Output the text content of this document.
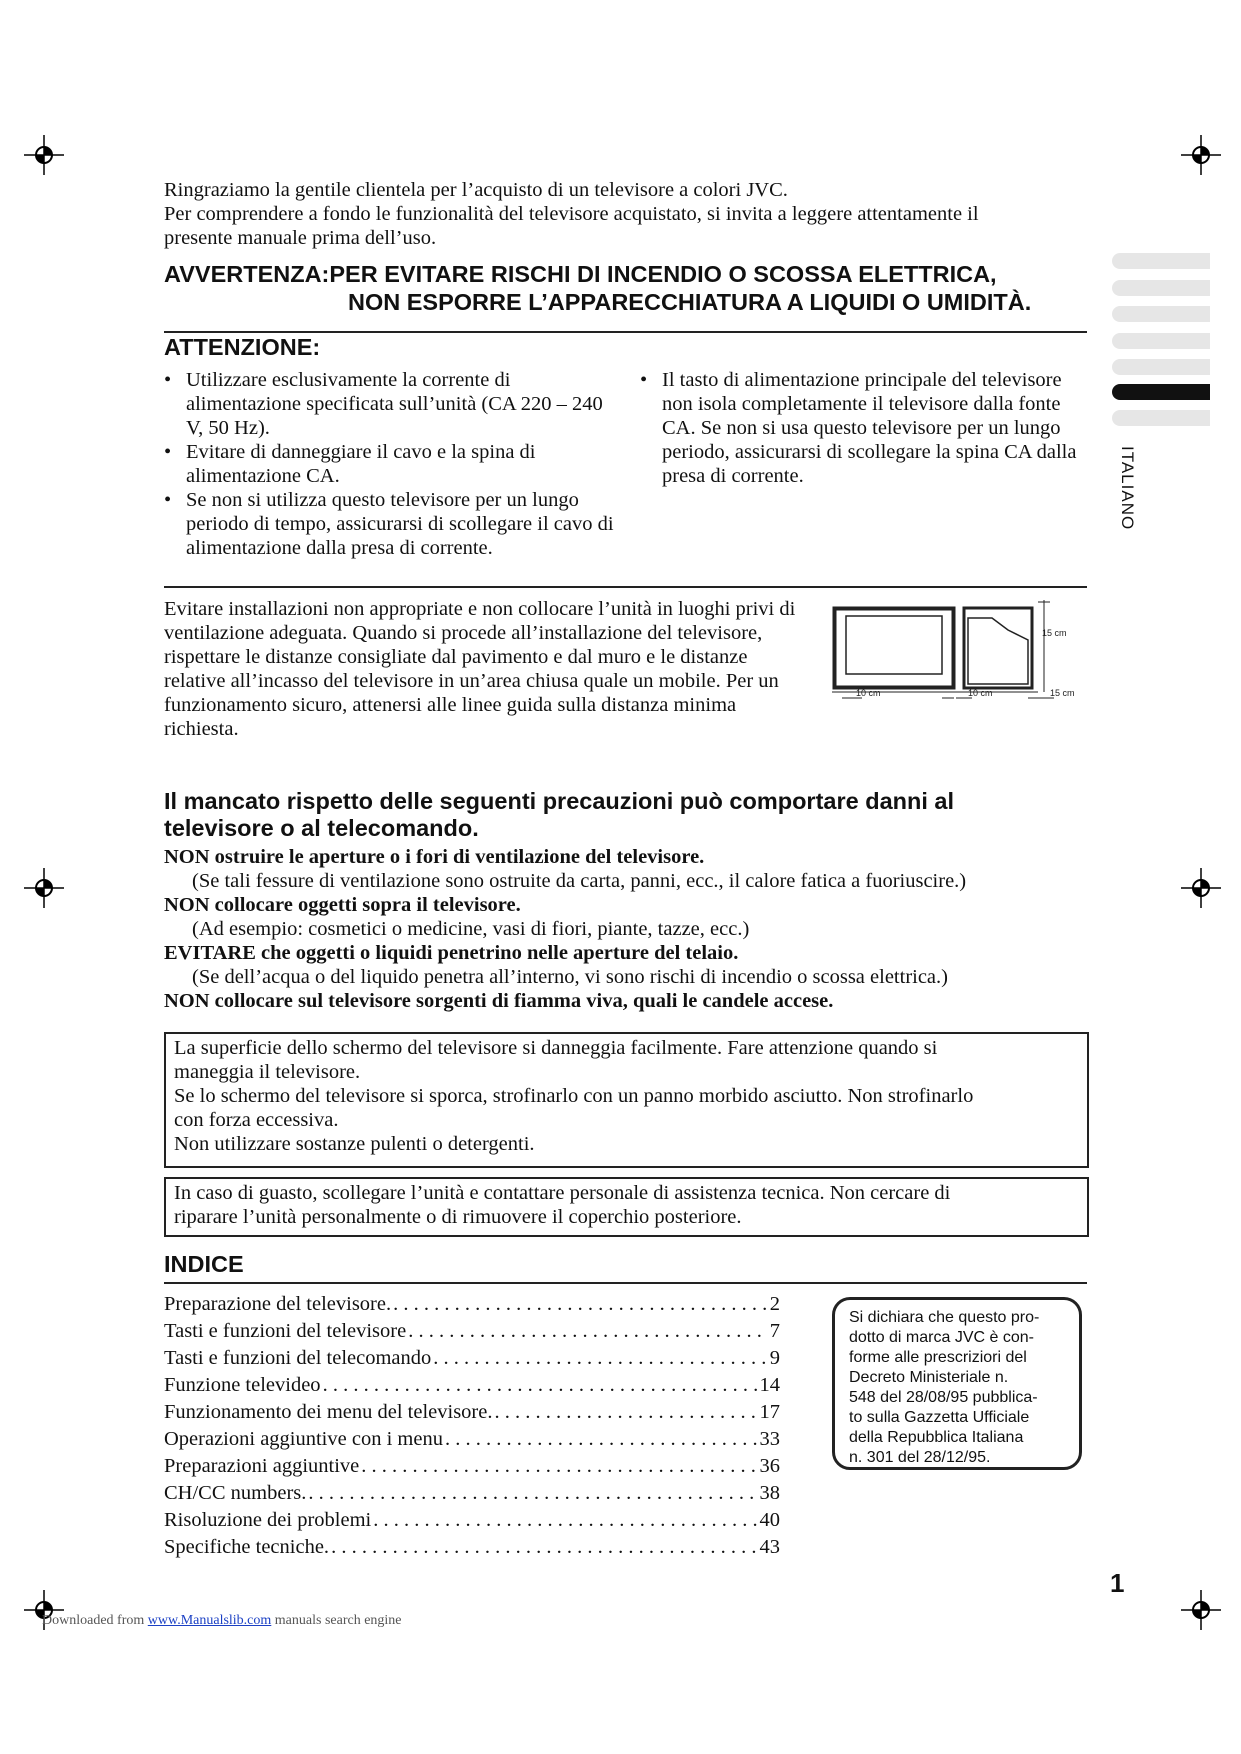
Ringraziamo la gentile clientela per l’acquisto di un televisore a colori JVC.
Per comprendere a fondo le funzionalità del televisore acquistato, si invita a leggere attentamente il
presente manuale prima dell’uso.
AVVERTENZA:PER EVITARE RISCHI DI INCENDIO O SCOSSA ELETTRICA,
NON ESPORRE L’APPARECCHIATURA A LIQUIDI O UMIDITÀ.
ATTENZIONE:
• Utilizzare esclusivamente la corrente di alimentazione specificata sull’unità (CA 220 – 240 V, 50 Hz).
• Evitare di danneggiare il cavo e la spina di alimentazione CA.
• Se non si utilizza questo televisore per un lungo periodo di tempo, assicurarsi di scollegare il cavo di alimentazione dalla presa di corrente.
• Il tasto di alimentazione principale del televisore non isola completamente il televisore dalla fonte CA. Se non si usa questo televisore per un lungo periodo, assicurarsi di scollegare la spina CA dalla presa di corrente.
Evitare installazioni non appropriate e non collocare l’unità in luoghi privi di ventilazione adeguata. Quando si procede all’installazione del televisore, rispettare le distanze consigliate dal pavimento e dal muro e le distanze relative all’incasso del televisore in un’area chiusa quale un mobile. Per un funzionamento sicuro, attenersi alle linee guida sulla distanza minima richiesta.
15 cm
10 cm	10 cm	15 cm
Il mancato rispetto delle seguenti precauzioni può comportare danni al televisore o al telecomando.
NON ostruire le aperture o i fori di ventilazione del televisore.
(Se tali fessure di ventilazione sono ostruite da carta, panni, ecc., il calore fatica a fuoriuscire.)
NON collocare oggetti sopra il televisore.
(Ad esempio: cosmetici o medicine, vasi di fiori, piante, tazze, ecc.)
EVITARE che oggetti o liquidi penetrino nelle aperture del telaio.
(Se dell’acqua o del liquido penetra all’interno, vi sono rischi di incendio o scossa elettrica.)
NON collocare sul televisore sorgenti di fiamma viva, quali le candele accese.
La superficie dello schermo del televisore si danneggia facilmente. Fare attenzione quando si
maneggia il televisore.
Se lo schermo del televisore si sporca, strofinarlo con un panno morbido asciutto. Non strofinarlo
con forza eccessiva.
Non utilizzare sostanze pulenti o detergenti.
In caso di guasto, scollegare l’unità e contattare personale di assistenza tecnica. Non cercare di
riparare l’unità personalmente o di rimuovere il coperchio posteriore.
INDICE
Preparazione del televisore. . . .	2
Tasti e funzioni del televisore . . .	7
Tasti e funzioni del telecomando . . .	9
Funzione televideo . . .	14
Funzionamento dei menu del televisore. . . .	17
Operazioni aggiuntive con i menu . . .	33
Preparazioni aggiuntive . . .	36
CH/CC numbers. . . .	38
Risoluzione dei problemi . . .	40
Specifiche tecniche. . . .	43
Si dichiara che questo pro-
dotto di marca JVC è con-
forme alle prescriziori del
Decreto Ministeriale n.
548 del 28/08/95 pubblica-
to sulla Gazzetta Ufficiale
della Repubblica Italiana
n. 301 del 28/12/95.
ITALIANO
1
Downloaded from www.Manualslib.com manuals search engine
